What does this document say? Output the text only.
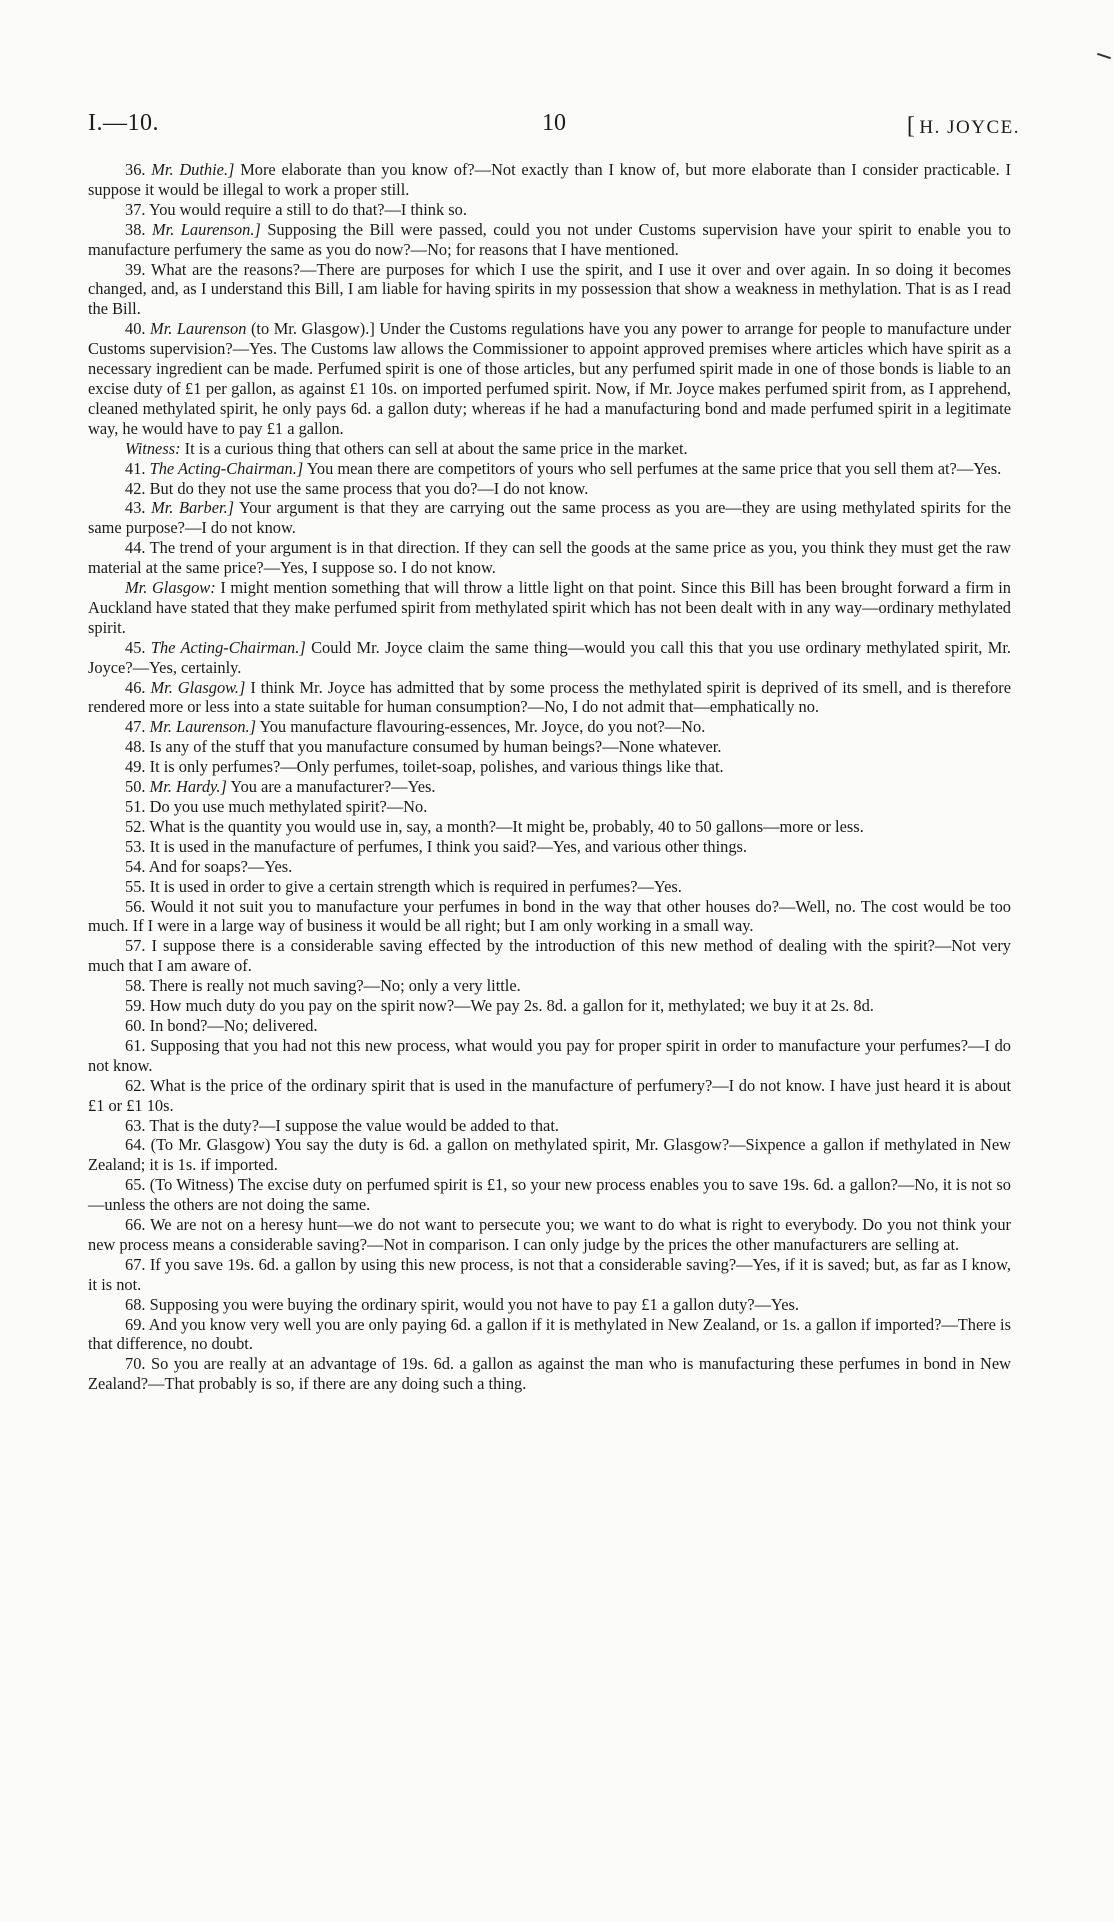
I.—10.	10	[ H. JOYCE.

36. Mr. Duthie.] More elaborate than you know of?—Not exactly than I know of, but more elaborate than I consider practicable. I suppose it would be illegal to work a proper still.

37. You would require a still to do that?—I think so.

38. Mr. Laurenson.] Supposing the Bill were passed, could you not under Customs supervision have your spirit to enable you to manufacture perfumery the same as you do now?—No; for reasons that I have mentioned.

39. What are the reasons?—There are purposes for which I use the spirit, and I use it over and over again. In so doing it becomes changed, and, as I understand this Bill, I am liable for having spirits in my possession that show a weakness in methylation. That is as I read the Bill.

40. Mr. Laurenson (to Mr. Glasgow).] Under the Customs regulations have you any power to arrange for people to manufacture under Customs supervision?—Yes. The Customs law allows the Commissioner to appoint approved premises where articles which have spirit as a necessary ingredient can be made. Perfumed spirit is one of those articles, but any perfumed spirit made in one of those bonds is liable to an excise duty of £1 per gallon, as against £1 10s. on imported perfumed spirit. Now, if Mr. Joyce makes perfumed spirit from, as I apprehend, cleaned methylated spirit, he only pays 6d. a gallon duty; whereas if he had a manufacturing bond and made perfumed spirit in a legitimate way, he would have to pay £1 a gallon.

Witness: It is a curious thing that others can sell at about the same price in the market.

41. The Acting-Chairman.] You mean there are competitors of yours who sell perfumes at the same price that you sell them at?—Yes.

42. But do they not use the same process that you do?—I do not know.

43. Mr. Barber.] Your argument is that they are carrying out the same process as you are—they are using methylated spirits for the same purpose?—I do not know.

44. The trend of your argument is in that direction. If they can sell the goods at the same price as you, you think they must get the raw material at the same price?—Yes, I suppose so. I do not know.

Mr. Glasgow: I might mention something that will throw a little light on that point. Since this Bill has been brought forward a firm in Auckland have stated that they make perfumed spirit from methylated spirit which has not been dealt with in any way—ordinary methylated spirit.

45. The Acting-Chairman.] Could Mr. Joyce claim the same thing—would you call this that you use ordinary methylated spirit, Mr. Joyce?—Yes, certainly.

46. Mr. Glasgow.] I think Mr. Joyce has admitted that by some process the methylated spirit is deprived of its smell, and is therefore rendered more or less into a state suitable for human consumption?—No, I do not admit that—emphatically no.

47. Mr. Laurenson.] You manufacture flavouring-essences, Mr. Joyce, do you not?—No.

48. Is any of the stuff that you manufacture consumed by human beings?—None whatever.

49. It is only perfumes?—Only perfumes, toilet-soap, polishes, and various things like that.

50. Mr. Hardy.] You are a manufacturer?—Yes.

51. Do you use much methylated spirit?—No.

52. What is the quantity you would use in, say, a month?—It might be, probably, 40 to 50 gallons—more or less.

53. It is used in the manufacture of perfumes, I think you said?—Yes, and various other things.

54. And for soaps?—Yes.

55. It is used in order to give a certain strength which is required in perfumes?—Yes.

56. Would it not suit you to manufacture your perfumes in bond in the way that other houses do?—Well, no. The cost would be too much. If I were in a large way of business it would be all right; but I am only working in a small way.

57. I suppose there is a considerable saving effected by the introduction of this new method of dealing with the spirit?—Not very much that I am aware of.

58. There is really not much saving?—No; only a very little.

59. How much duty do you pay on the spirit now?—We pay 2s. 8d. a gallon for it, methylated; we buy it at 2s. 8d.

60. In bond?—No; delivered.

61. Supposing that you had not this new process, what would you pay for proper spirit in order to manufacture your perfumes?—I do not know.

62. What is the price of the ordinary spirit that is used in the manufacture of perfumery?—I do not know. I have just heard it is about £1 or £1 10s.

63. That is the duty?—I suppose the value would be added to that.

64. (To Mr. Glasgow) You say the duty is 6d. a gallon on methylated spirit, Mr. Glasgow?—Sixpence a gallon if methylated in New Zealand; it is 1s. if imported.

65. (To Witness) The excise duty on perfumed spirit is £1, so your new process enables you to save 19s. 6d. a gallon?—No, it is not so—unless the others are not doing the same.

66. We are not on a heresy hunt—we do not want to persecute you; we want to do what is right to everybody. Do you not think your new process means a considerable saving?—Not in comparison. I can only judge by the prices the other manufacturers are selling at.

67. If you save 19s. 6d. a gallon by using this new process, is not that a considerable saving?—Yes, if it is saved; but, as far as I know, it is not.

68. Supposing you were buying the ordinary spirit, would you not have to pay £1 a gallon duty?—Yes.

69. And you know very well you are only paying 6d. a gallon if it is methylated in New Zealand, or 1s. a gallon if imported?—There is that difference, no doubt.

70. So you are really at an advantage of 19s. 6d. a gallon as against the man who is manufacturing these perfumes in bond in New Zealand?—That probably is so, if there are any doing such a thing.
